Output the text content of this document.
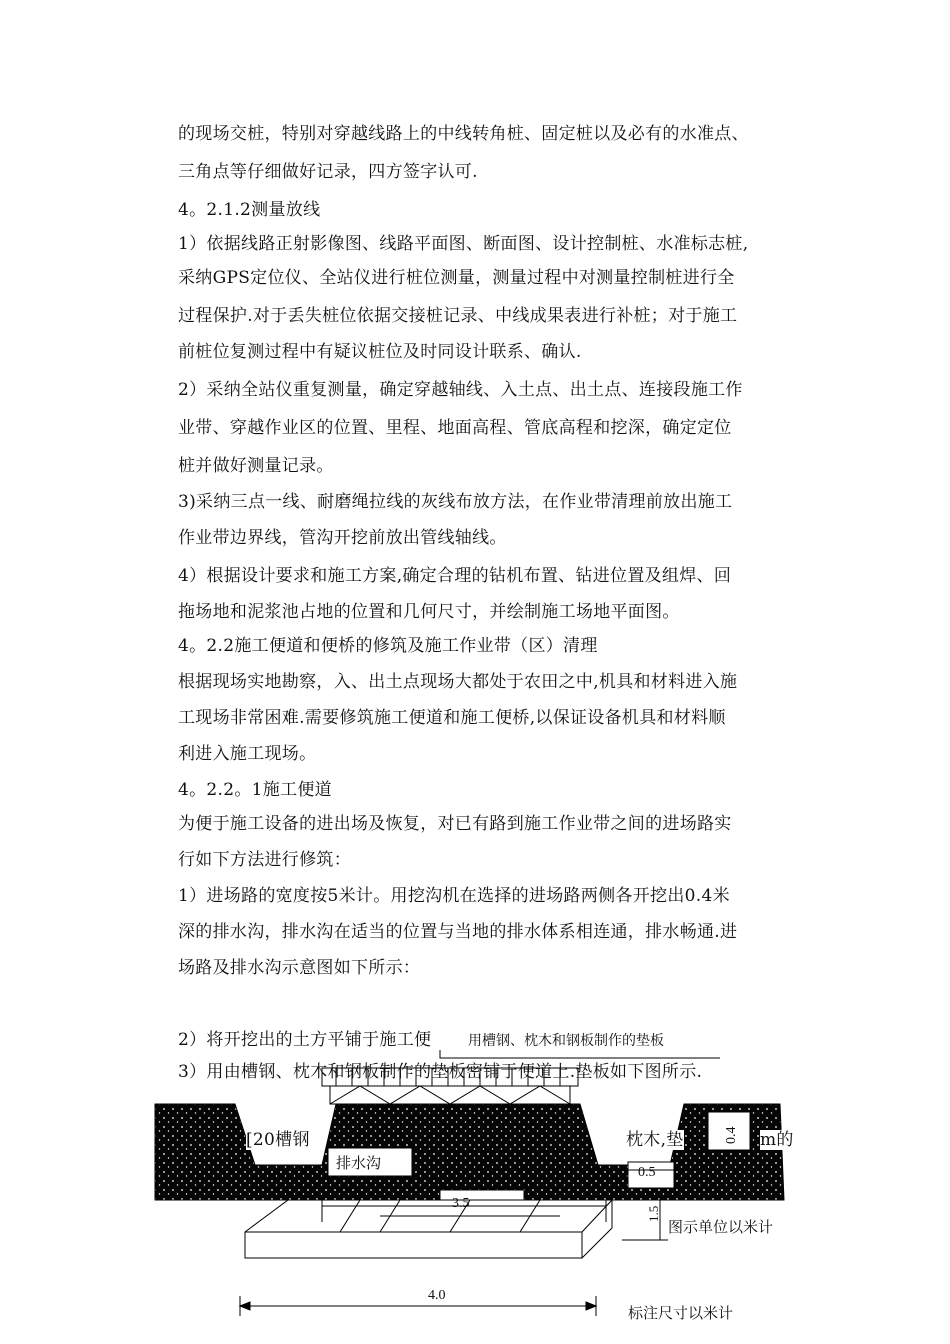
的现场交桩，特别对穿越线路上的中线转角桩、固定桩以及必有的水准点、
三角点等仔细做好记录，四方签字认可.
4。2.1.2测量放线
1）依据线路正射影像图、线路平面图、断面图、设计控制桩、水准标志桩,
采纳GPS定位仪、全站仪进行桩位测量，测量过程中对测量控制桩进行全
过程保护.对于丢失桩位依据交接桩记录、中线成果表进行补桩；对于施工
前桩位复测过程中有疑议桩位及时同设计联系、确认.
2）采纳全站仪重复测量，确定穿越轴线、入土点、出土点、连接段施工作
业带、穿越作业区的位置、里程、地面高程、管底高程和挖深，确定定位
桩并做好测量记录。
3)采纳三点一线、耐磨绳拉线的灰线布放方法，在作业带清理前放出施工
作业带边界线，管沟开挖前放出管线轴线。
4）根据设计要求和施工方案,确定合理的钻机布置、钻进位置及组焊、回
拖场地和泥浆池占地的位置和几何尺寸，并绘制施工场地平面图。
4。2.2施工便道和便桥的修筑及施工作业带（区）清理
根据现场实地勘察，入、出土点现场大都处于农田之中,机具和材料进入施
工现场非常困难.需要修筑施工便道和施工便桥,以保证设备机具和材料顺
利进入施工现场。
4。2.2。1施工便道
为便于施工设备的进出场及恢复，对已有路到施工作业带之间的进场路实
行如下方法进行修筑：
1）进场路的宽度按5米计。用挖沟机在选择的进场路两侧各开挖出0.4米
深的排水沟，排水沟在适当的位置与当地的排水体系相连通，排水畅通.进
场路及排水沟示意图如下所示：
2）将开挖出的土方平铺于施工便
3）用由槽钢、枕木和钢板制作的垫板密铺于便道上.垫板如下图所示.
[20槽钢	枕木,垫	m的
用槽钢、枕木和钢板制作的垫板
排水沟
3.5
0.4
0.5
1.5
图示单位以米计
4.0
标注尺寸以米计
